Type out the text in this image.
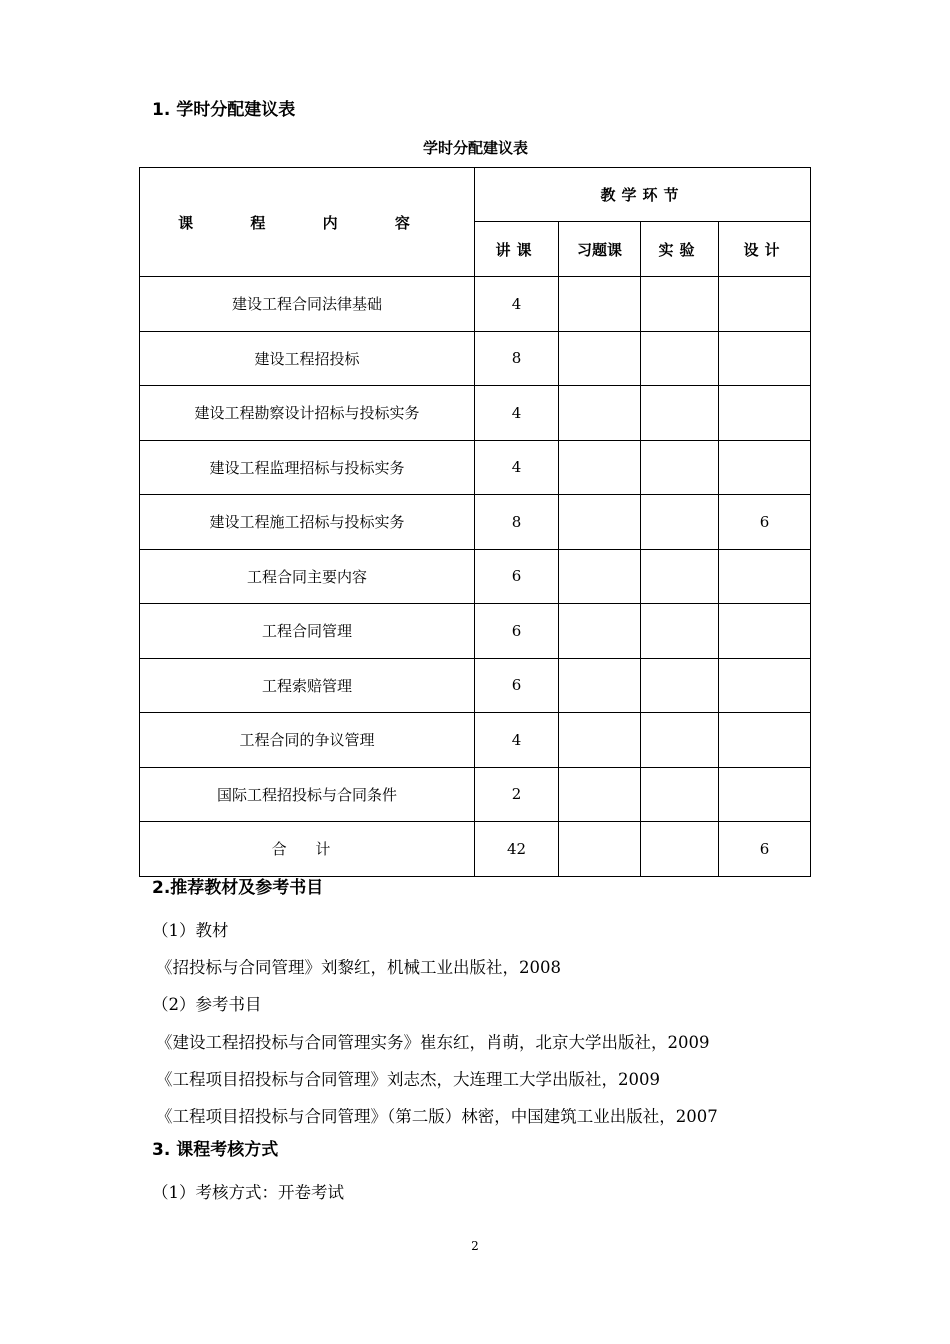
1. 学时分配建议表
学时分配建议表
课 程 内 容	教学环节			
	讲课	习题课	实验	设计
建设工程合同法律基础	4			
建设工程招投标	8			
建设工程勘察设计招标与投标实务	4			
建设工程监理招标与投标实务	4			
建设工程施工招标与投标实务	8			6
工程合同主要内容	6			
工程合同管理	6			
工程索赔管理	6			
工程合同的争议管理	4			
国际工程招投标与合同条件	2			
合 计	42			6
2.推荐教材及参考书目
（1）教材
《招投标与合同管理》刘黎红，机械工业出版社，2008
（2）参考书目
《建设工程招投标与合同管理实务》崔东红，肖萌，北京大学出版社，2009
《工程项目招投标与合同管理》刘志杰，大连理工大学出版社，2009
《工程项目招投标与合同管理》（第二版）林密，中国建筑工业出版社，2007
3. 课程考核方式
（1）考核方式：开卷考试
2
